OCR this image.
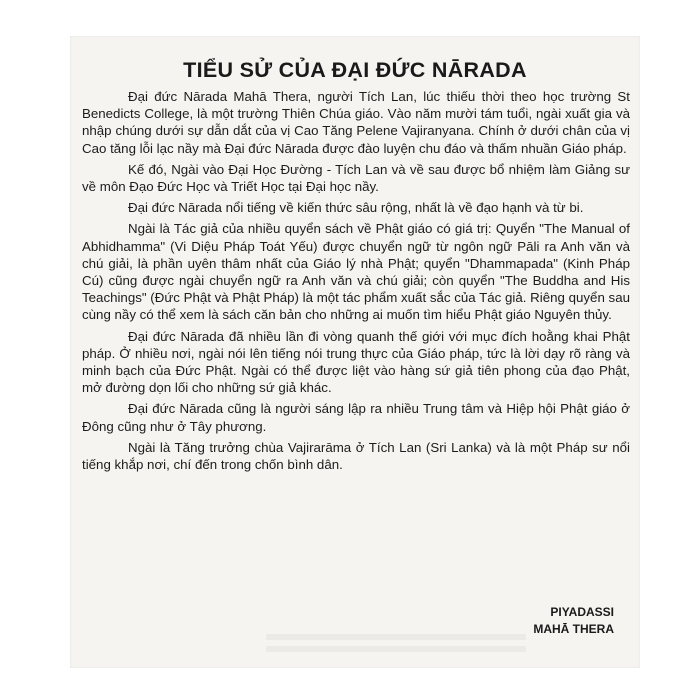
TIỂU SỬ CỦA ĐẠI ĐỨC NĀRADA

Đại đức Nārada Mahā Thera, người Tích Lan, lúc thiếu thời theo học trường St Benedicts College, là một trường Thiên Chúa giáo. Vào năm mười tám tuổi, ngài xuất gia và nhập chúng dưới sự dẫn dắt của vị Cao Tăng Pelene Vajiranyana. Chính ở dưới chân của vị Cao tăng lỗi lạc nầy mà Đại đức Nārada được đào luyện chu đáo và thấm nhuần Giáo pháp.

Kế đó, Ngài vào Đại Học Đường - Tích Lan và về sau được bổ nhiệm làm Giảng sư về môn Đạo Đức Học và Triết Học tại Đại học nầy.

Đại đức Nārada nổi tiếng về kiến thức sâu rộng, nhất là về đạo hạnh và từ bi.

Ngài là Tác giả của nhiều quyển sách về Phật giáo có giá trị: Quyển "The Manual of Abhidhamma" (Vi Diệu Pháp Toát Yếu) được chuyển ngữ từ ngôn ngữ Pāli ra Anh văn và chú giải, là phần uyên thâm nhất của Giáo lý nhà Phật; quyển "Dhammapada" (Kinh Pháp Cú) cũng được ngài chuyển ngữ ra Anh văn và chú giải; còn quyển "The Buddha and His Teachings" (Đức Phật và Phật Pháp) là một tác phẩm xuất sắc của Tác giả. Riêng quyển sau cùng nầy có thể xem là sách căn bản cho những ai muốn tìm hiểu Phật giáo Nguyên thủy.

Đại đức Nārada đã nhiều lần đi vòng quanh thế giới với mục đích hoằng khai Phật pháp. Ở nhiều nơi, ngài nói lên tiếng nói trung thực của Giáo pháp, tức là lời dạy rõ ràng và minh bạch của Đức Phật. Ngài có thể được liệt vào hàng sứ giả tiên phong của đạo Phật, mở đường dọn lối cho những sứ giả khác.

Đại đức Nārada cũng là người sáng lập ra nhiều Trung tâm và Hiệp hội Phật giáo ở Đông cũng như ở Tây phương.

Ngài là Tăng trưởng chùa Vajirarāma ở Tích Lan (Sri Lanka) và là một Pháp sư nổi tiếng khắp nơi, chí đến trong chốn bình dân.

PIYADASSI
MAHĀ THERA
